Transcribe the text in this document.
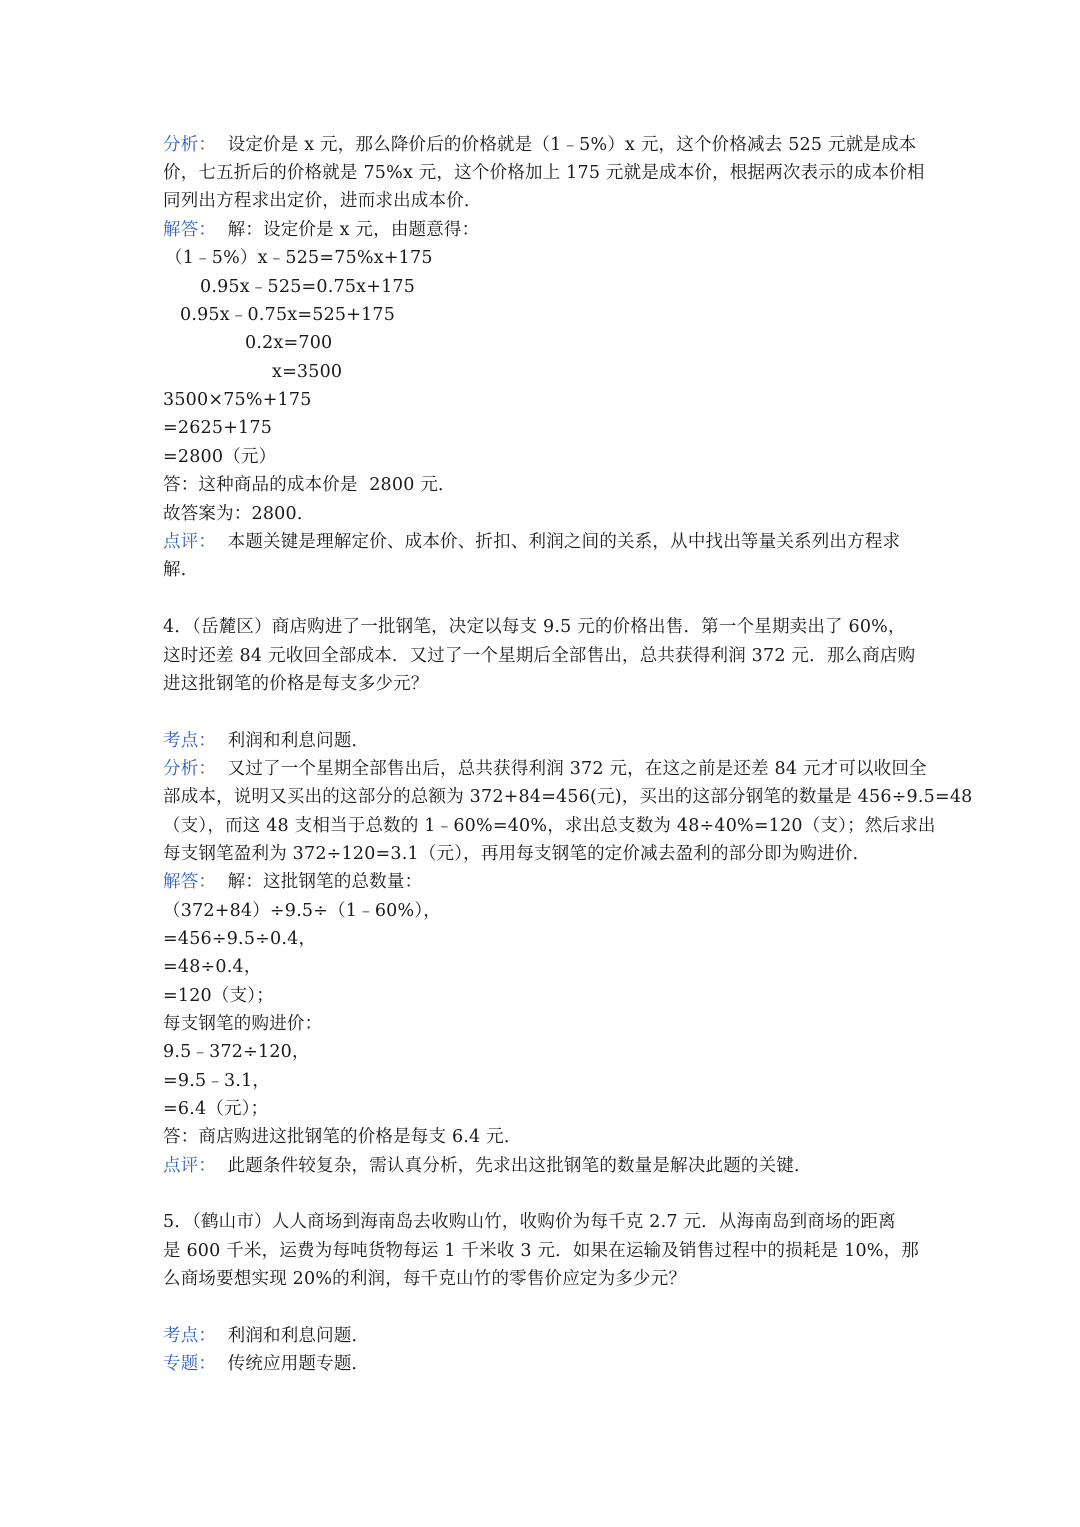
分析：  设定价是 x 元，那么降价后的价格就是（1﹣5%）x 元，这个价格减去 525 元就是成本
价，七五折后的价格就是 75%x 元，这个价格加上 175 元就是成本价，根据两次表示的成本价相
同列出方程求出定价，进而求出成本价．
解答：  解：设定价是 x 元，由题意得：
（1﹣5%）x﹣525=75%x+175
0.95x﹣525=0.75x+175
0.95x﹣0.75x=525+175
0.2x=700
x=3500
3500×75%+175
=2625+175
=2800（元）
答：这种商品的成本价是  2800 元．
故答案为：2800．
点评：  本题关键是理解定价、成本价、折扣、利润之间的关系，从中找出等量关系列出方程求
解．
4．（岳麓区）商店购进了一批钢笔，决定以每支 9.5 元的价格出售．第一个星期卖出了 60%，
这时还差 84 元收回全部成本．又过了一个星期后全部售出，总共获得利润 372 元．那么商店购
进这批钢笔的价格是每支多少元？
考点：  利润和利息问题．
分析：  又过了一个星期全部售出后，总共获得利润 372 元，在这之前是还差 84 元才可以收回全
部成本，说明又买出的这部分的总额为 372+84=456(元)，买出的这部分钢笔的数量是 456÷9.5=48
（支），而这 48 支相当于总数的 1﹣60%=40%，求出总支数为 48÷40%=120（支）；然后求出
每支钢笔盈利为 372÷120=3.1（元），再用每支钢笔的定价减去盈利的部分即为购进价．
解答：  解：这批钢笔的总数量：
（372+84）÷9.5÷（1﹣60%），
=456÷9.5÷0.4，
=48÷0.4，
=120（支）；
每支钢笔的购进价：
9.5﹣372÷120，
=9.5﹣3.1，
=6.4（元）；
答：商店购进这批钢笔的价格是每支 6.4 元．
点评：  此题条件较复杂，需认真分析，先求出这批钢笔的数量是解决此题的关键．
5．（鹤山市）人人商场到海南岛去收购山竹，收购价为每千克 2.7 元．从海南岛到商场的距离
是 600 千米，运费为每吨货物每运 1 千米收 3 元．如果在运输及销售过程中的损耗是 10%，那
么商场要想实现 20%的利润，每千克山竹的零售价应定为多少元？
考点：  利润和利息问题．
专题：  传统应用题专题．
